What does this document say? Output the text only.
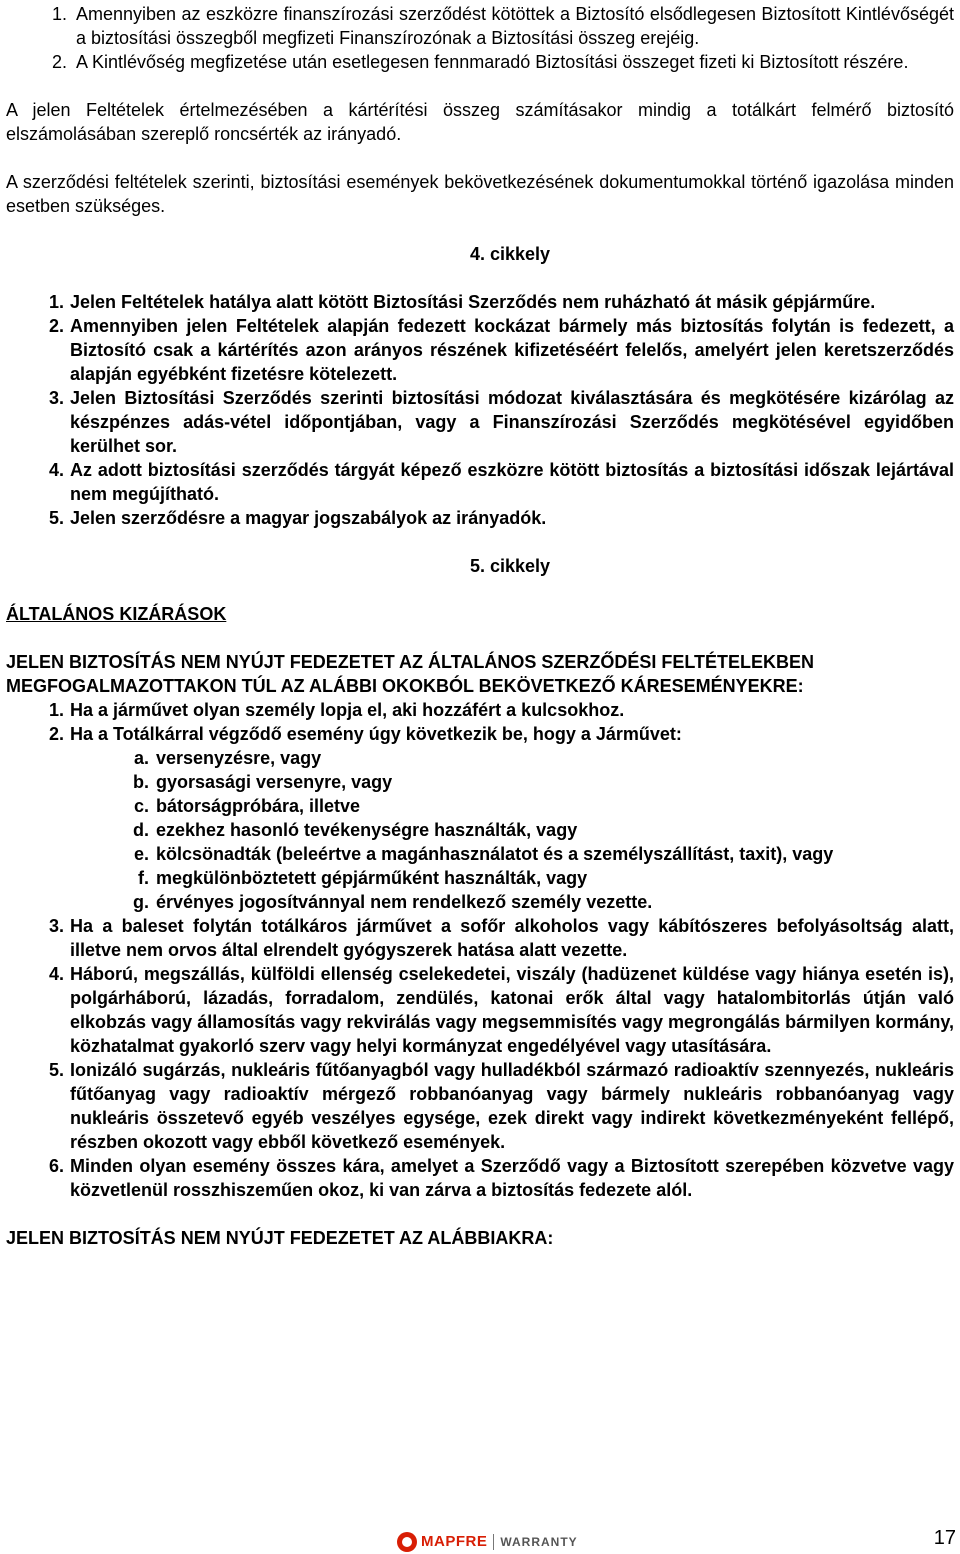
1. Amennyiben az eszközre finanszírozási szerződést kötöttek a Biztosító elsődlegesen Biztosított Kintlévőségét a biztosítási összegből megfizeti Finanszírozónak a Biztosítási összeg erejéig.
2. A Kintlévőség megfizetése után esetlegesen fennmaradó Biztosítási összeget fizeti ki Biztosított részére.

A jelen Feltételek értelmezésében a kártérítési összeg számításakor mindig a totálkárt felmérő biztosító elszámolásában szereplő roncsérték az irányadó.

A szerződési feltételek szerinti, biztosítási események bekövetkezésének dokumentumokkal történő igazolása minden esetben szükséges.

4. cikkely
1. Jelen Feltételek hatálya alatt kötött Biztosítási Szerződés nem ruházható át másik gépjárműre.
2. Amennyiben jelen Feltételek alapján fedezett kockázat bármely más biztosítás folytán is fedezett, a Biztosító csak a kártérítés azon arányos részének kifizetéséért felelős, amelyért jelen keretszerződés alapján egyébként fizetésre kötelezett.
3. Jelen Biztosítási Szerződés szerinti biztosítási módozat kiválasztására és megkötésére kizárólag az készpénzes adás-vétel időpontjában, vagy a Finanszírozási Szerződés megkötésével egyidőben kerülhet sor.
4. Az adott biztosítási szerződés tárgyát képező eszközre kötött biztosítás a biztosítási időszak lejártával nem megújítható.
5. Jelen szerződésre a magyar jogszabályok az irányadók.
5. cikkely
ÁLTALÁNOS KIZÁRÁSOK
JELEN BIZTOSÍTÁS NEM NYÚJT FEDEZETET AZ ÁLTALÁNOS SZERZŐDÉSI FELTÉTELEKBEN MEGFOGALMAZOTTAKON TÚL AZ ALÁBBI OKOKBÓL BEKÖVETKEZŐ KÁRESEMÉNYEKRE:
1. Ha a járművet olyan személy lopja el, aki hozzáfért a kulcsokhoz.
2. Ha a Totálkárral végződő esemény úgy következik be, hogy a Járművet:
a. versenyzésre, vagy
b. gyorsasági versenyre, vagy
c. bátorságpróbára, illetve
d. ezekhez hasonló tevékenységre használták, vagy
e. kölcsönadták (beleértve a magánhasználatot és a személyszállítást, taxit), vagy
f. megkülönböztetett gépjárműként használták, vagy
g. érvényes jogosítvánnyal nem rendelkező személy vezette.
3. Ha a baleset folytán totálkáros járművet a sofőr alkoholos vagy kábítószeres befolyásoltság alatt, illetve nem orvos által elrendelt gyógyszerek hatása alatt vezette.
4. Háború, megszállás, külföldi ellenség cselekedetei, viszály (hadüzenet küldése vagy hiánya esetén is), polgárháború, lázadás, forradalom, zendülés, katonai erők által vagy hatalombitorlás útján való elkobzás vagy államosítás vagy rekvirálás vagy megsemmisítés vagy megrongálás bármilyen kormány, közhatalmat gyakorló szerv vagy helyi kormányzat engedélyével vagy utasítására.
5. Ionizáló sugárzás, nukleáris fűtőanyagból vagy hulladékból származó radioaktív szennyezés, nukleáris fűtőanyag vagy radioaktív mérgező robbanóanyag vagy bármely nukleáris robbanóanyag vagy nukleáris összetevő egyéb veszélyes egysége, ezek direkt vagy indirekt következményeként fellépő, részben okozott vagy ebből következő események.
6. Minden olyan esemény összes kára, amelyet a Szerződő vagy a Biztosított szerepében közvetve vagy közvetlenül rosszhiszeműen okoz, ki van zárva a biztosítás fedezete alól.
JELEN BIZTOSÍTÁS NEM NYÚJT FEDEZETET AZ ALÁBBIAKRA:
MAPFRE WARRANTY	17
